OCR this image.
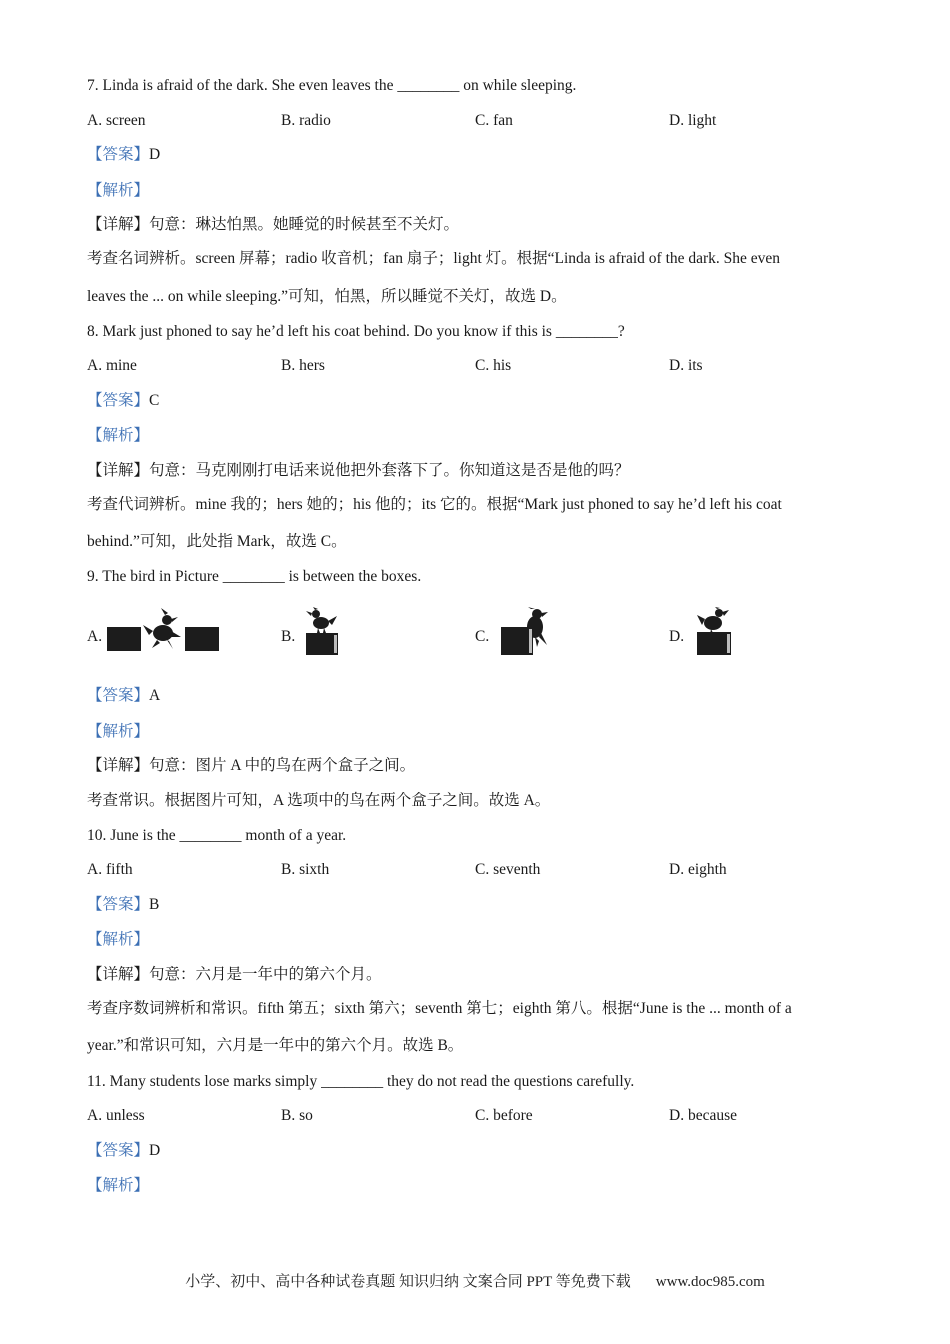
7. Linda is afraid of the dark. She even leaves the ________ on while sleeping.
A. screen	B. radio	C. fan	D. light
【答案】D
【解析】
【详解】句意：琳达怕黑。她睡觉的时候甚至不关灯。
考查名词辨析。screen 屏幕；radio 收音机；fan 扇子；light 灯。根据“Linda is afraid of the dark. She even
leaves the ... on while sleeping.”可知，怕黑，所以睡觉不关灯，故选 D。
8. Mark just phoned to say he’d left his coat behind. Do you know if this is ________?
A. mine	B. hers	C. his	D. its
【答案】C
【解析】
【详解】句意：马克刚刚打电话来说他把外套落下了。你知道这是否是他的吗？
考查代词辨析。mine 我的；hers 她的；his 他的；its 它的。根据“Mark just phoned to say he’d left his coat
behind.”可知，此处指 Mark，故选 C。
9. The bird in Picture ________ is between the boxes.
A.	B.	C.	D.
【答案】A
【解析】
【详解】句意：图片 A 中的鸟在两个盒子之间。
考查常识。根据图片可知，A 选项中的鸟在两个盒子之间。故选 A。
10. June is the ________ month of a year.
A. fifth	B. sixth	C. seventh	D. eighth
【答案】B
【解析】
【详解】句意：六月是一年中的第六个月。
考查序数词辨析和常识。fifth 第五；sixth 第六；seventh 第七；eighth 第八。根据“June is the ... month of a
year.”和常识可知，六月是一年中的第六个月。故选 B。
11. Many students lose marks simply ________ they do not read the questions carefully.
A. unless	B. so	C. before	D. because
【答案】D
【解析】
小学、初中、高中各种试卷真题 知识归纳 文案合同 PPT 等免费下载 www.doc985.com
